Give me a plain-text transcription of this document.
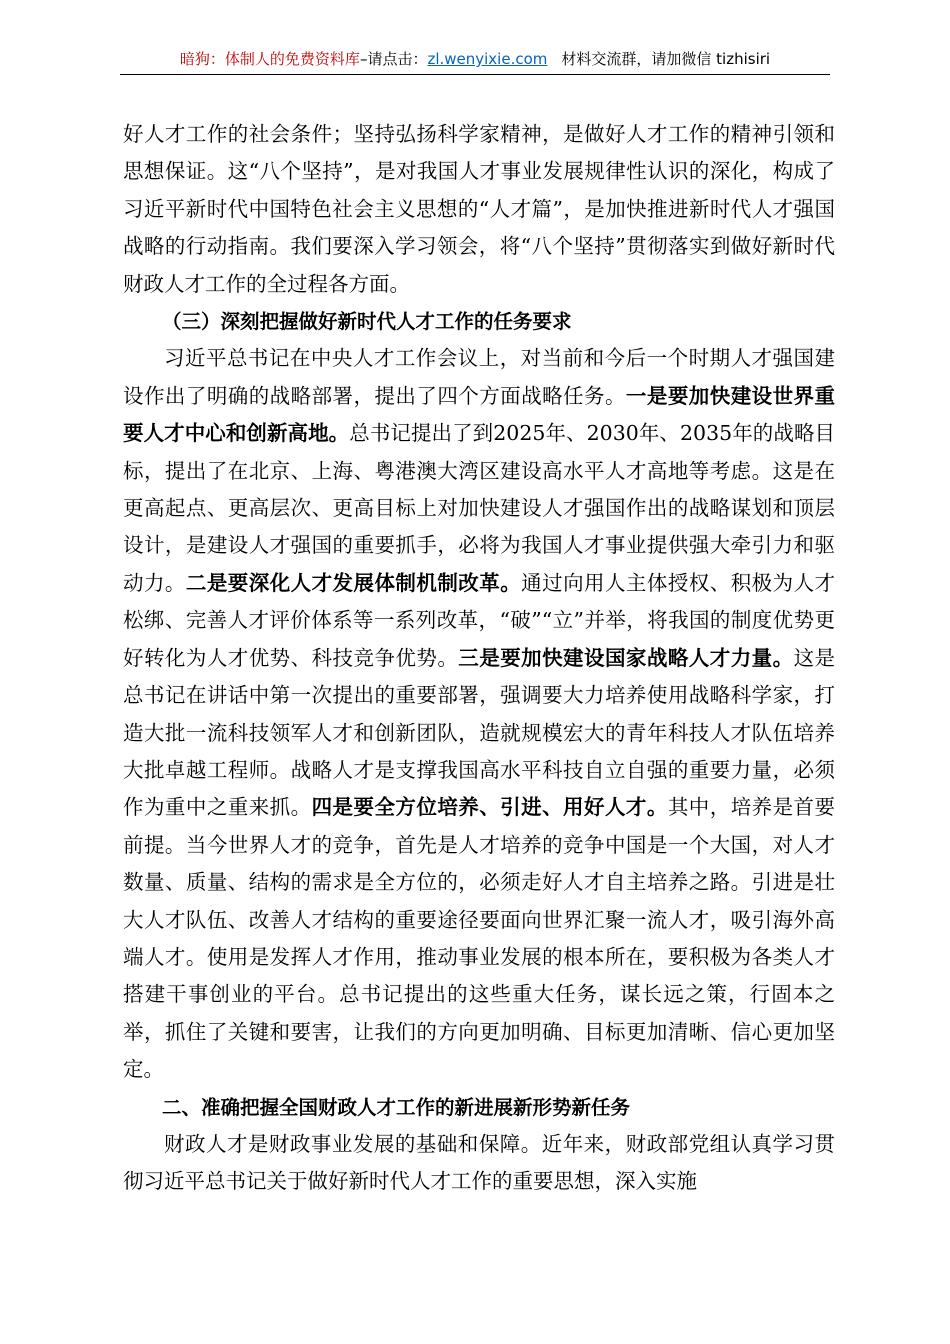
暗狗：体制人的免费资料库–请点击：zl.wenyixie.com 材料交流群，请加微信 tizhisiri

好人才工作的社会条件；坚持弘扬科学家精神，是做好人才工作的精神引领和思想保证。这“八个坚持”，是对我国人才事业发展规律性认识的深化，构成了习近平新时代中国特色社会主义思想的“人才篇”，是加快推进新时代人才强国战略的行动指南。我们要深入学习领会，将“八个坚持”贯彻落实到做好新时代财政人才工作的全过程各方面。

（三）深刻把握做好新时代人才工作的任务要求

习近平总书记在中央人才工作会议上，对当前和今后一个时期人才强国建设作出了明确的战略部署，提出了四个方面战略任务。一是要加快建设世界重要人才中心和创新高地。总书记提出了到2025年、2030年、2035年的战略目标，提出了在北京、上海、粤港澳大湾区建设高水平人才高地等考虑。这是在更高起点、更高层次、更高目标上对加快建设人才强国作出的战略谋划和顶层设计，是建设人才强国的重要抓手，必将为我国人才事业提供强大牵引力和驱动力。二是要深化人才发展体制机制改革。通过向用人主体授权、积极为人才松绑、完善人才评价体系等一系列改革，“破”“立”并举，将我国的制度优势更好转化为人才优势、科技竞争优势。三是要加快建设国家战略人才力量。这是总书记在讲话中第一次提出的重要部署，强调要大力培养使用战略科学家，打造大批一流科技领军人才和创新团队，造就规模宏大的青年科技人才队伍培养大批卓越工程师。战略人才是支撑我国高水平科技自立自强的重要力量，必须作为重中之重来抓。四是要全方位培养、引进、用好人才。其中，培养是首要前提。当今世界人才的竞争，首先是人才培养的竞争中国是一个大国，对人才数量、质量、结构的需求是全方位的，必须走好人才自主培养之路。引进是壮大人才队伍、改善人才结构的重要途径要面向世界汇聚一流人才，吸引海外高端人才。使用是发挥人才作用，推动事业发展的根本所在，要积极为各类人才搭建干事创业的平台。总书记提出的这些重大任务，谋长远之策，行固本之举，抓住了关键和要害，让我们的方向更加明确、目标更加清晰、信心更加坚定。

二、准确把握全国财政人才工作的新进展新形势新任务

财政人才是财政事业发展的基础和保障。近年来，财政部党组认真学习贯彻习近平总书记关于做好新时代人才工作的重要思想，深入实施
